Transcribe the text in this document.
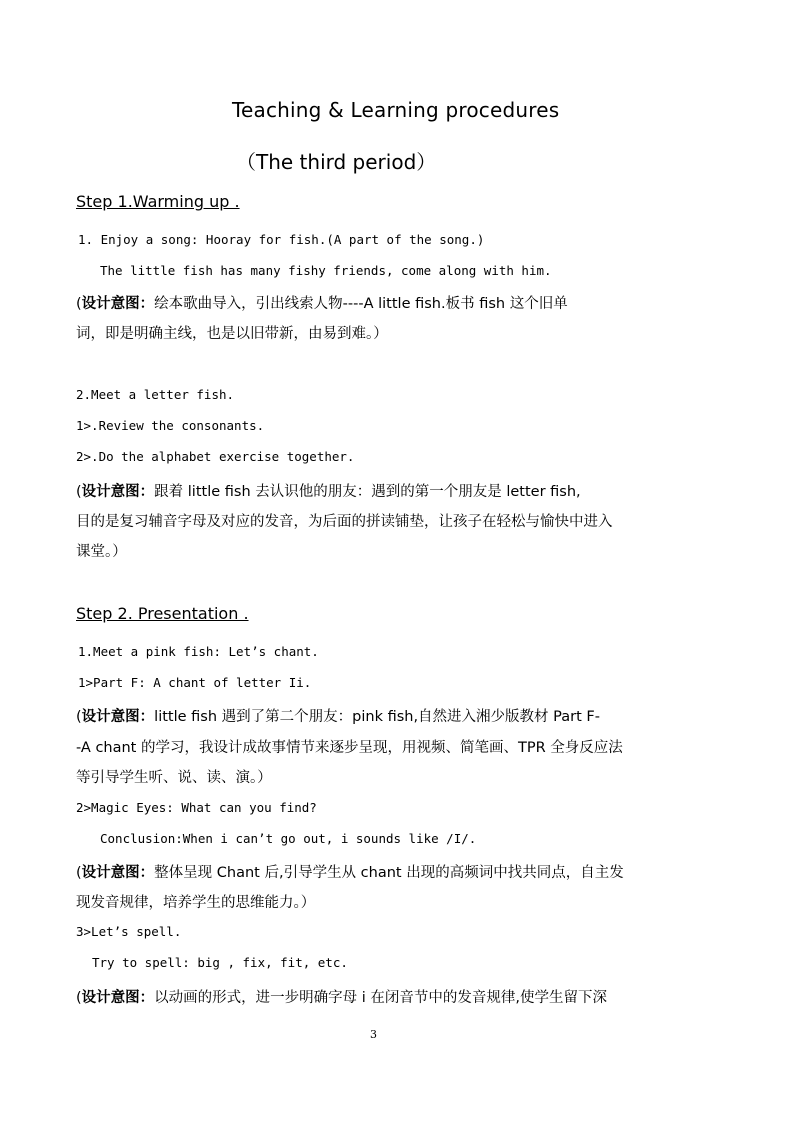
Teaching & Learning procedures
（The third period）
Step 1.Warming up .
1. Enjoy a song: Hooray for fish.(A part of the song.)
The little fish has many fishy friends, come along with him.
(设计意图：绘本歌曲导入，引出线索人物----A little fish.板书 fish 这个旧单
词，即是明确主线，也是以旧带新，由易到难。）
2.Meet a letter fish.
1>.Review the consonants.
2>.Do the alphabet exercise together.
(设计意图：跟着 little fish 去认识他的朋友：遇到的第一个朋友是 letter fish,
目的是复习辅音字母及对应的发音，为后面的拼读铺垫，让孩子在轻松与愉快中进入
课堂。）
Step 2. Presentation .
1.Meet a pink fish: Let’s chant.
1>Part F: A chant of letter Ii.
(设计意图：little fish 遇到了第二个朋友：pink fish,自然进入湘少版教材 Part F-
-A chant 的学习，我设计成故事情节来逐步呈现，用视频、简笔画、TPR 全身反应法
等引导学生听、说、读、演。）
2>Magic Eyes: What can you find?
Conclusion:When i can’t go out, i sounds like /I/.
(设计意图：整体呈现 Chant 后,引导学生从 chant 出现的高频词中找共同点，自主发
现发音规律，培养学生的思维能力。）
3>Let’s spell.
Try to spell: big , fix, fit, etc.
(设计意图：以动画的形式，进一步明确字母 i 在闭音节中的发音规律,使学生留下深
3
